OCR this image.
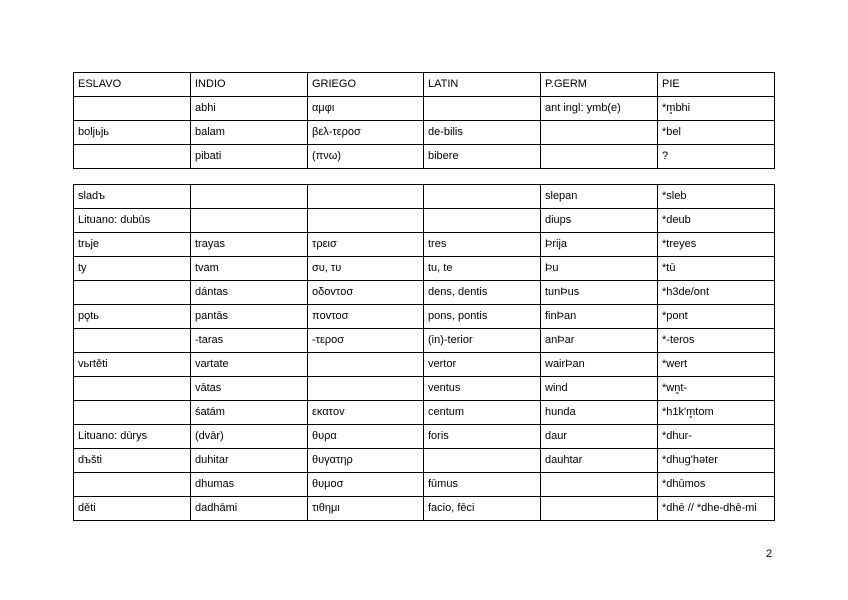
ESLAVO	INDIO	GRIEGO	LATIN	P.GERM	PIE
	abhi	αμφι		ant ingl: ymb(e)	*m̥bhi
boljьjь	balam	βελ-τερoσ	de-bilis		*bel
	pibati	(πνω)	bibere		?
sladъ				slepan	*sleb
Lituano: dubùs				diups	*deub
trьje	trayas	τρεισ	tres	Þrija	*treyes
ty	tvam	συ, τυ	tu, te	Þu	*tū
	dántas	oδovτoσ	dens, dentis	tunÞus	*h3de/ont
pǫtь	pantās	πovτoσ	pons, pontis	finÞan	*pont
	-taras	-τερoσ	(in)-terior	anÞar	*-teros
vьrtěti	vartate		vertor	wairÞan	*wert
	vātas		ventus	wind	*wn̥t-
	śatám	εκατov	centum	hunda	*h1k'm̥tom
Lituano: dùrys	(dvār)	θυρα	foris	daur	*dhur-
dъšti	duhitar	θυγατηρ		dauhtar	*dhug'həter
	dhumas	θυμoσ	fūmus		*dhūmos
děti	dadhāmi	τιθημι	facio, fēci		*dhē // *dhe-dhē-mi
2
